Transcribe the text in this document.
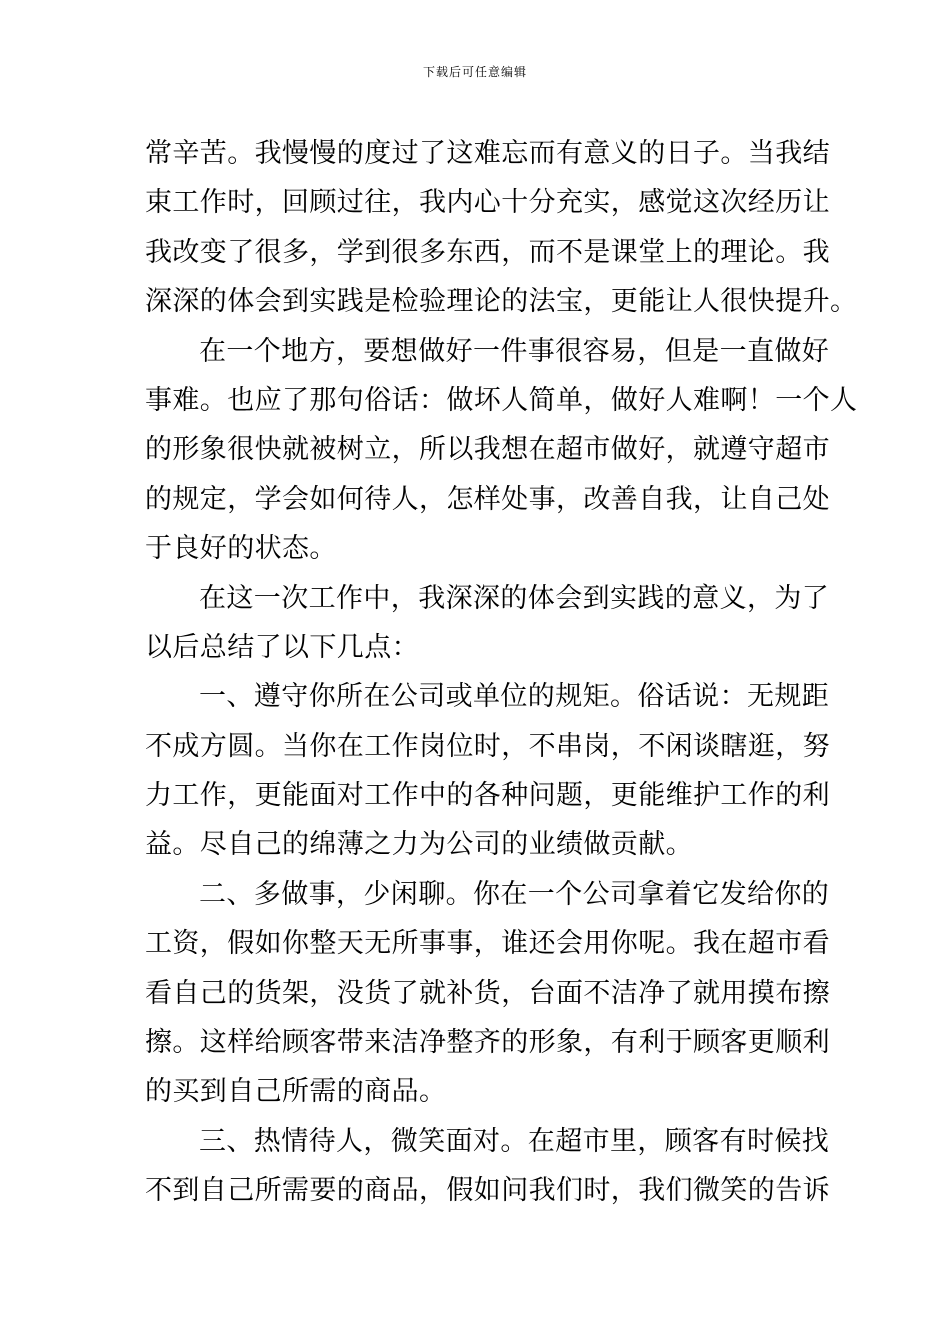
下载后可任意编辑
常辛苦。我慢慢的度过了这难忘而有意义的日子。当我结
束工作时，回顾过往，我内心十分充实，感觉这次经历让
我改变了很多，学到很多东西，而不是课堂上的理论。我
深深的体会到实践是检验理论的法宝，更能让人很快提升。
在一个地方，要想做好一件事很容易，但是一直做好
事难。也应了那句俗话：做坏人简单，做好人难啊！一个人
的形象很快就被树立，所以我想在超市做好，就遵守超市
的规定，学会如何待人，怎样处事，改善自我，让自己处
于良好的状态。
在这一次工作中，我深深的体会到实践的意义，为了
以后总结了以下几点：
一、遵守你所在公司或单位的规矩。俗话说：无规距
不成方圆。当你在工作岗位时，不串岗，不闲谈瞎逛，努
力工作，更能面对工作中的各种问题，更能维护工作的利
益。尽自己的绵薄之力为公司的业绩做贡献。
二、多做事，少闲聊。你在一个公司拿着它发给你的
工资，假如你整天无所事事，谁还会用你呢。我在超市看
看自己的货架，没货了就补货，台面不洁净了就用摸布擦
擦。这样给顾客带来洁净整齐的形象，有利于顾客更顺利
的买到自己所需的商品。
三、热情待人，微笑面对。在超市里，顾客有时候找
不到自己所需要的商品，假如问我们时，我们微笑的告诉
